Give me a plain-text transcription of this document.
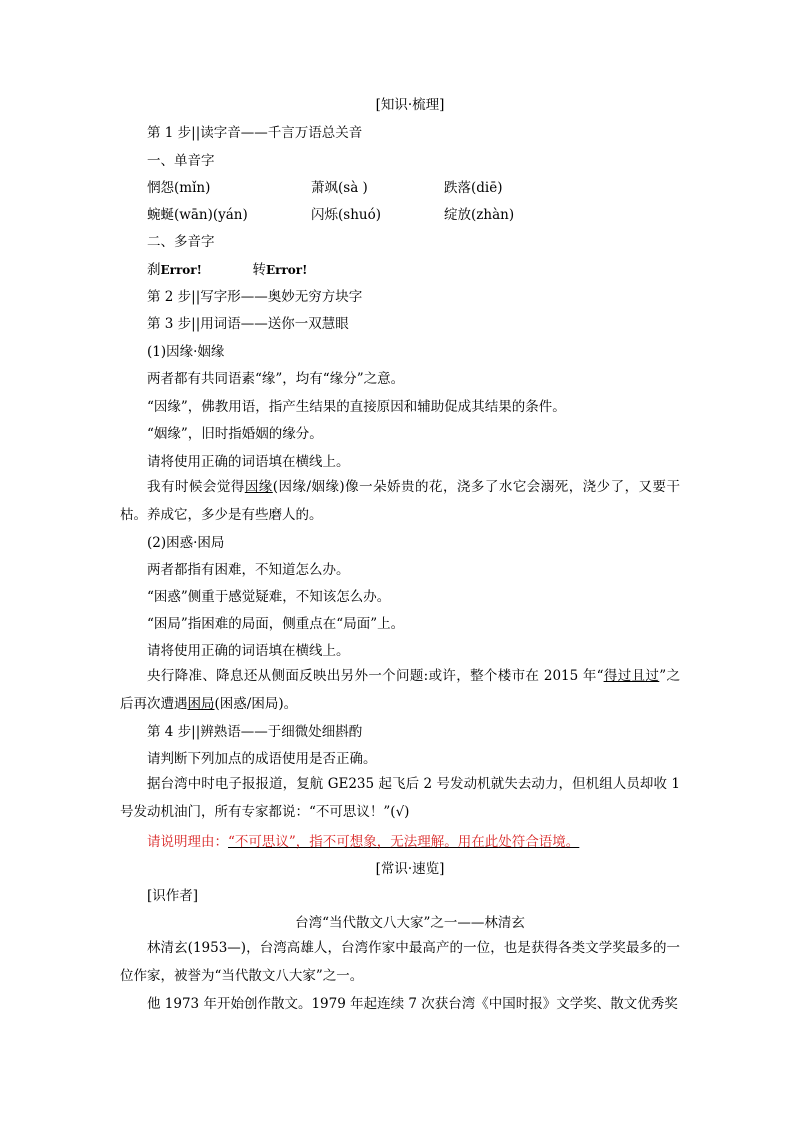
[知识·梳理]
第 1 步||读字音——千言万语总关音
一、单音字
惘怨(mǐn)	萧飒(sà )	跌落(diē)
蜿蜒(wān)(yán)	闪烁(shuó)	绽放(zhàn)
二、多音字
刹Error!	转Error!
第 2 步||写字形——奥妙无穷方块字
第 3 步||用词语——送你一双慧眼
(1)因缘·姻缘
两者都有共同语素“缘”，均有“缘分”之意。
“因缘”，佛教用语，指产生结果的直接原因和辅助促成其结果的条件。
“姻缘”，旧时指婚姻的缘分。
请将使用正确的词语填在横线上。
我有时候会觉得因缘(因缘/姻缘)像一朵娇贵的花，浇多了水它会溺死，浇少了，又要干枯。养成它，多少是有些磨人的。
(2)困惑·困局
两者都指有困难，不知道怎么办。
“困惑”侧重于感觉疑难，不知该怎么办。
“困局”指困难的局面，侧重点在“局面”上。
请将使用正确的词语填在横线上。
央行降准、降息还从侧面反映出另外一个问题:或许，整个楼市在 2015 年“得过且过”之后再次遭遇困局(困惑/困局)。
第 4 步||辨熟语——于细微处细斟酌
请判断下列加点的成语使用是否正确。
据台湾中时电子报报道，复航 GE235 起飞后 2 号发动机就失去动力，但机组人员却收 1 号发动机油门，所有专家都说：“不可思议！”(√)
请说明理由：“不可思议”，指不可想象，无法理解。用在此处符合语境。
[常识·速览]
[识作者]
台湾“当代散文八大家”之一——林清玄
林清玄(1953—)，台湾高雄人，台湾作家中最高产的一位，也是获得各类文学奖最多的一位作家，被誉为“当代散文八大家”之一。
他 1973 年开始创作散文。1979 年起连续 7 次获台湾《中国时报》文学奖、散文优秀奖
